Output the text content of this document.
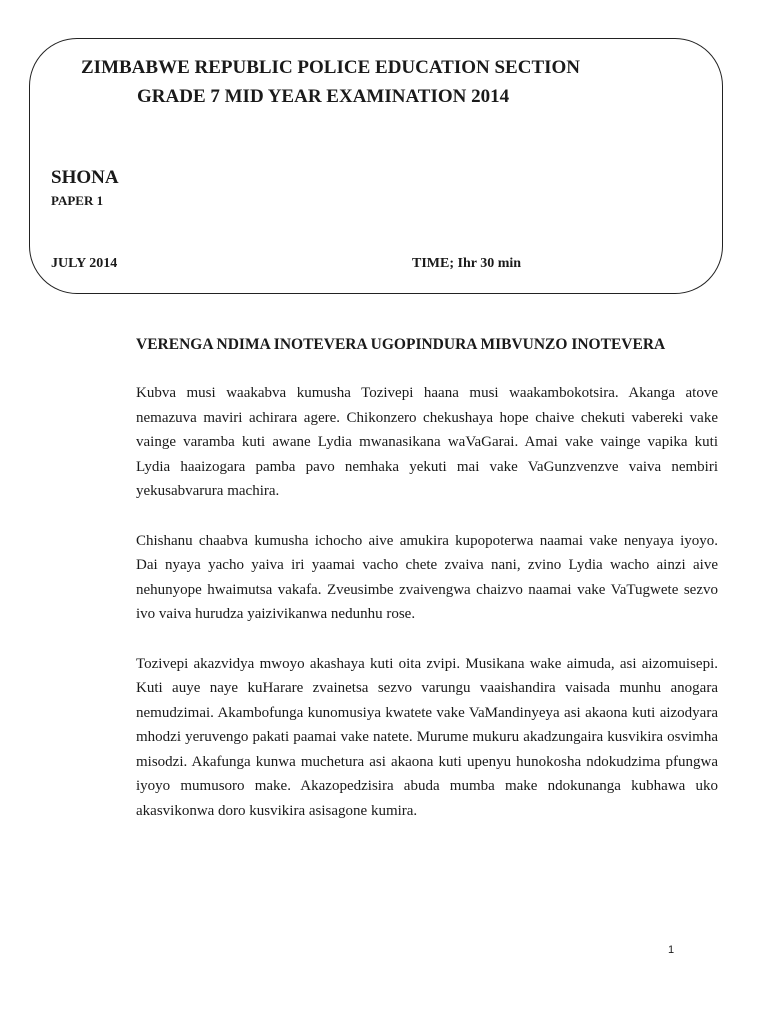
ZIMBABWE REPUBLIC POLICE EDUCATION SECTION
GRADE 7 MID YEAR EXAMINATION 2014
SHONA
PAPER 1
JULY 2014	TIME; Ihr 30 min

VERENGA NDIMA INOTEVERA UGOPINDURA MIBVUNZO INOTEVERA

Kubva musi waakabva kumusha Tozivepi haana musi waakambokotsira. Akanga atove nemazuva maviri achirara agere. Chikonzero chekushaya hope chaive chekuti vabereki vake vainge varamba kuti awane Lydia mwanasikana waVaGarai. Amai vake vainge vapika kuti Lydia haaizogara pamba pavo nemhaka yekuti mai vake VaGunzvenzve vaiva nembiri yekusabvarura machira.

Chishanu chaabva kumusha ichocho aive amukira kupopoterwa naamai vake nenyaya iyoyo. Dai nyaya yacho yaiva iri yaamai vacho chete zvaiva nani, zvino Lydia wacho ainzi aive nehunyope hwaimutsa vakafa. Zveusimbe zvaivengwa chaizvo naamai vake VaTugwete sezvo ivo vaiva hurudza yaizivikanwa nedunhu rose.

Tozivepi akazvidya mwoyo akashaya kuti oita zvipi. Musikana wake aimuda, asi aizomuisepi. Kuti auye naye kuHarare zvainetsa sezvo varungu vaaishandira vaisada munhu anogara nemudzimai. Akambofunga kunomusiya kwatete vake VaMandinyeya asi akaona kuti aizodyara mhodzi yeruvengo pakati paamai vake natete. Murume mukuru akadzungaira kusvikira osvimha misodzi. Akafunga kunwa muchetura asi akaona kuti upenyu hunokosha ndokudzima pfungwa iyoyo mumusoro make. Akazopedzisira abuda mumba make ndokunanga kubhawa uko akasvikonwa doro kusvikira asisagone kumira.

1
